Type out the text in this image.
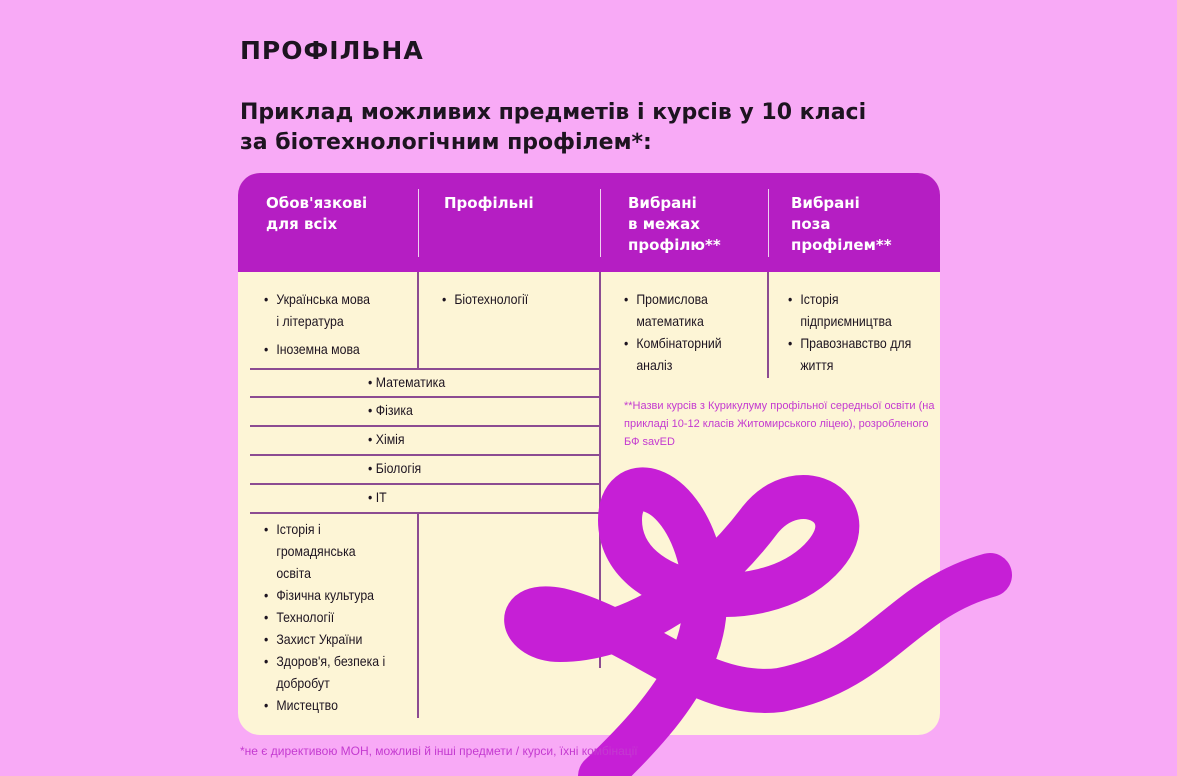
ПРОФІЛЬНА
Приклад можливих предметів і курсів у 10 класі
за біотехнологічним профілем*:
Обов'язкові
для всіх
Профільні	Вибрані
в межах
профілю**
Вибрані
поза
профілем**
• Українська мова і література
• Іноземна мова
• Біотехнології	• Промислова математика
• Комбінаторний аналіз
• Історія підприємництва
• Правознавство для життя
• Математика
• Фізика
• Хімія
• Біологія
• ІТ
**Назви курсів з Курикулуму профільної середньої освіти (на прикладі 10-12 класів Житомирського ліцею), розробленого БФ savED
• Історія і громадянська освіта
• Фізична культура
• Технології
• Захист України
• Здоров'я, безпека і добробут
• Мистецтво
*не є директивою МОН, можливі й інші предмети / курси, їхні комбінації
